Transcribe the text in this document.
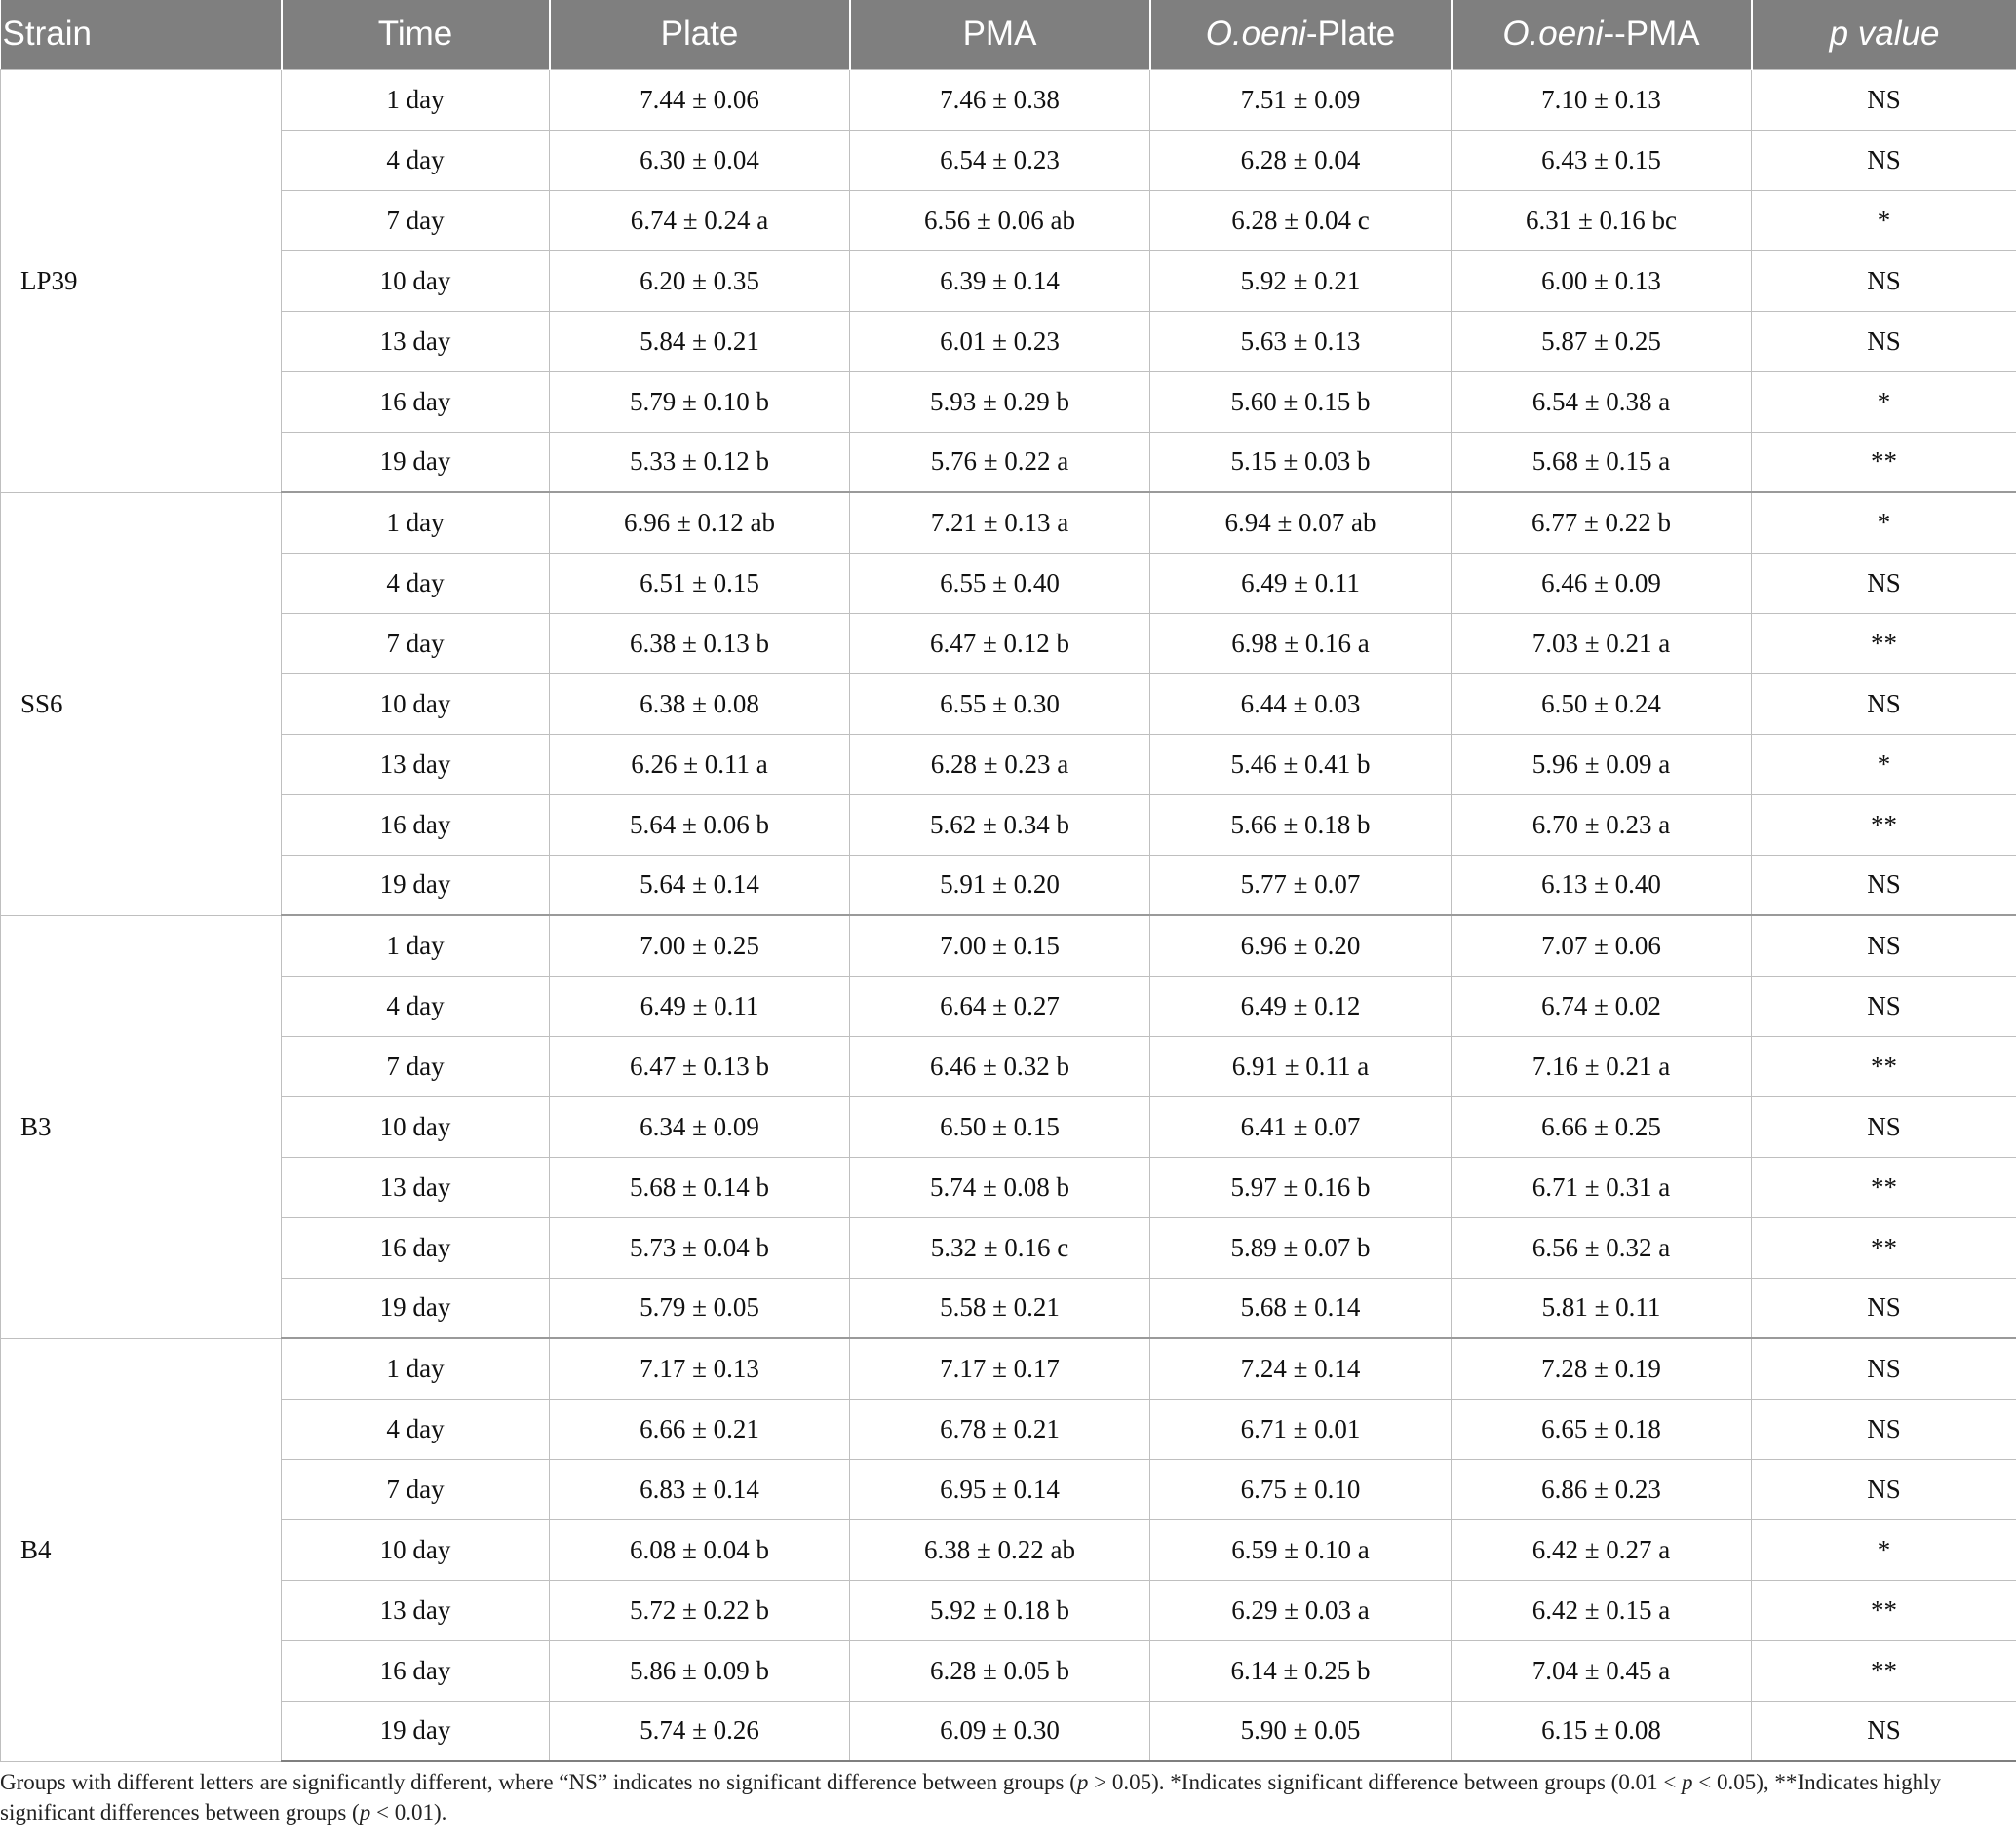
Strain	Time	Plate	PMA	O.oeni-Plate	O.oeni--PMA	p value
LP39	1 day	7.44 ± 0.06	7.46 ± 0.38	7.51 ± 0.09	7.10 ± 0.13	NS
	4 day	6.30 ± 0.04	6.54 ± 0.23	6.28 ± 0.04	6.43 ± 0.15	NS
	7 day	6.74 ± 0.24 a	6.56 ± 0.06 ab	6.28 ± 0.04 c	6.31 ± 0.16 bc	*
	10 day	6.20 ± 0.35	6.39 ± 0.14	5.92 ± 0.21	6.00 ± 0.13	NS
	13 day	5.84 ± 0.21	6.01 ± 0.23	5.63 ± 0.13	5.87 ± 0.25	NS
	16 day	5.79 ± 0.10 b	5.93 ± 0.29 b	5.60 ± 0.15 b	6.54 ± 0.38 a	*
	19 day	5.33 ± 0.12 b	5.76 ± 0.22 a	5.15 ± 0.03 b	5.68 ± 0.15 a	**
SS6	1 day	6.96 ± 0.12 ab	7.21 ± 0.13 a	6.94 ± 0.07 ab	6.77 ± 0.22 b	*
	4 day	6.51 ± 0.15	6.55 ± 0.40	6.49 ± 0.11	6.46 ± 0.09	NS
	7 day	6.38 ± 0.13 b	6.47 ± 0.12 b	6.98 ± 0.16 a	7.03 ± 0.21 a	**
	10 day	6.38 ± 0.08	6.55 ± 0.30	6.44 ± 0.03	6.50 ± 0.24	NS
	13 day	6.26 ± 0.11 a	6.28 ± 0.23 a	5.46 ± 0.41 b	5.96 ± 0.09 a	*
	16 day	5.64 ± 0.06 b	5.62 ± 0.34 b	5.66 ± 0.18 b	6.70 ± 0.23 a	**
	19 day	5.64 ± 0.14	5.91 ± 0.20	5.77 ± 0.07	6.13 ± 0.40	NS
B3	1 day	7.00 ± 0.25	7.00 ± 0.15	6.96 ± 0.20	7.07 ± 0.06	NS
	4 day	6.49 ± 0.11	6.64 ± 0.27	6.49 ± 0.12	6.74 ± 0.02	NS
	7 day	6.47 ± 0.13 b	6.46 ± 0.32 b	6.91 ± 0.11 a	7.16 ± 0.21 a	**
	10 day	6.34 ± 0.09	6.50 ± 0.15	6.41 ± 0.07	6.66 ± 0.25	NS
	13 day	5.68 ± 0.14 b	5.74 ± 0.08 b	5.97 ± 0.16 b	6.71 ± 0.31 a	**
	16 day	5.73 ± 0.04 b	5.32 ± 0.16 c	5.89 ± 0.07 b	6.56 ± 0.32 a	**
	19 day	5.79 ± 0.05	5.58 ± 0.21	5.68 ± 0.14	5.81 ± 0.11	NS
B4	1 day	7.17 ± 0.13	7.17 ± 0.17	7.24 ± 0.14	7.28 ± 0.19	NS
	4 day	6.66 ± 0.21	6.78 ± 0.21	6.71 ± 0.01	6.65 ± 0.18	NS
	7 day	6.83 ± 0.14	6.95 ± 0.14	6.75 ± 0.10	6.86 ± 0.23	NS
	10 day	6.08 ± 0.04 b	6.38 ± 0.22 ab	6.59 ± 0.10 a	6.42 ± 0.27 a	*
	13 day	5.72 ± 0.22 b	5.92 ± 0.18 b	6.29 ± 0.03 a	6.42 ± 0.15 a	**
	16 day	5.86 ± 0.09 b	6.28 ± 0.05 b	6.14 ± 0.25 b	7.04 ± 0.45 a	**
	19 day	5.74 ± 0.26	6.09 ± 0.30	5.90 ± 0.05	6.15 ± 0.08	NS
Groups with different letters are significantly different, where “NS” indicates no significant difference between groups (p > 0.05). *Indicates significant difference between groups (0.01 < p < 0.05), **Indicates highly significant differences between groups (p < 0.01).
